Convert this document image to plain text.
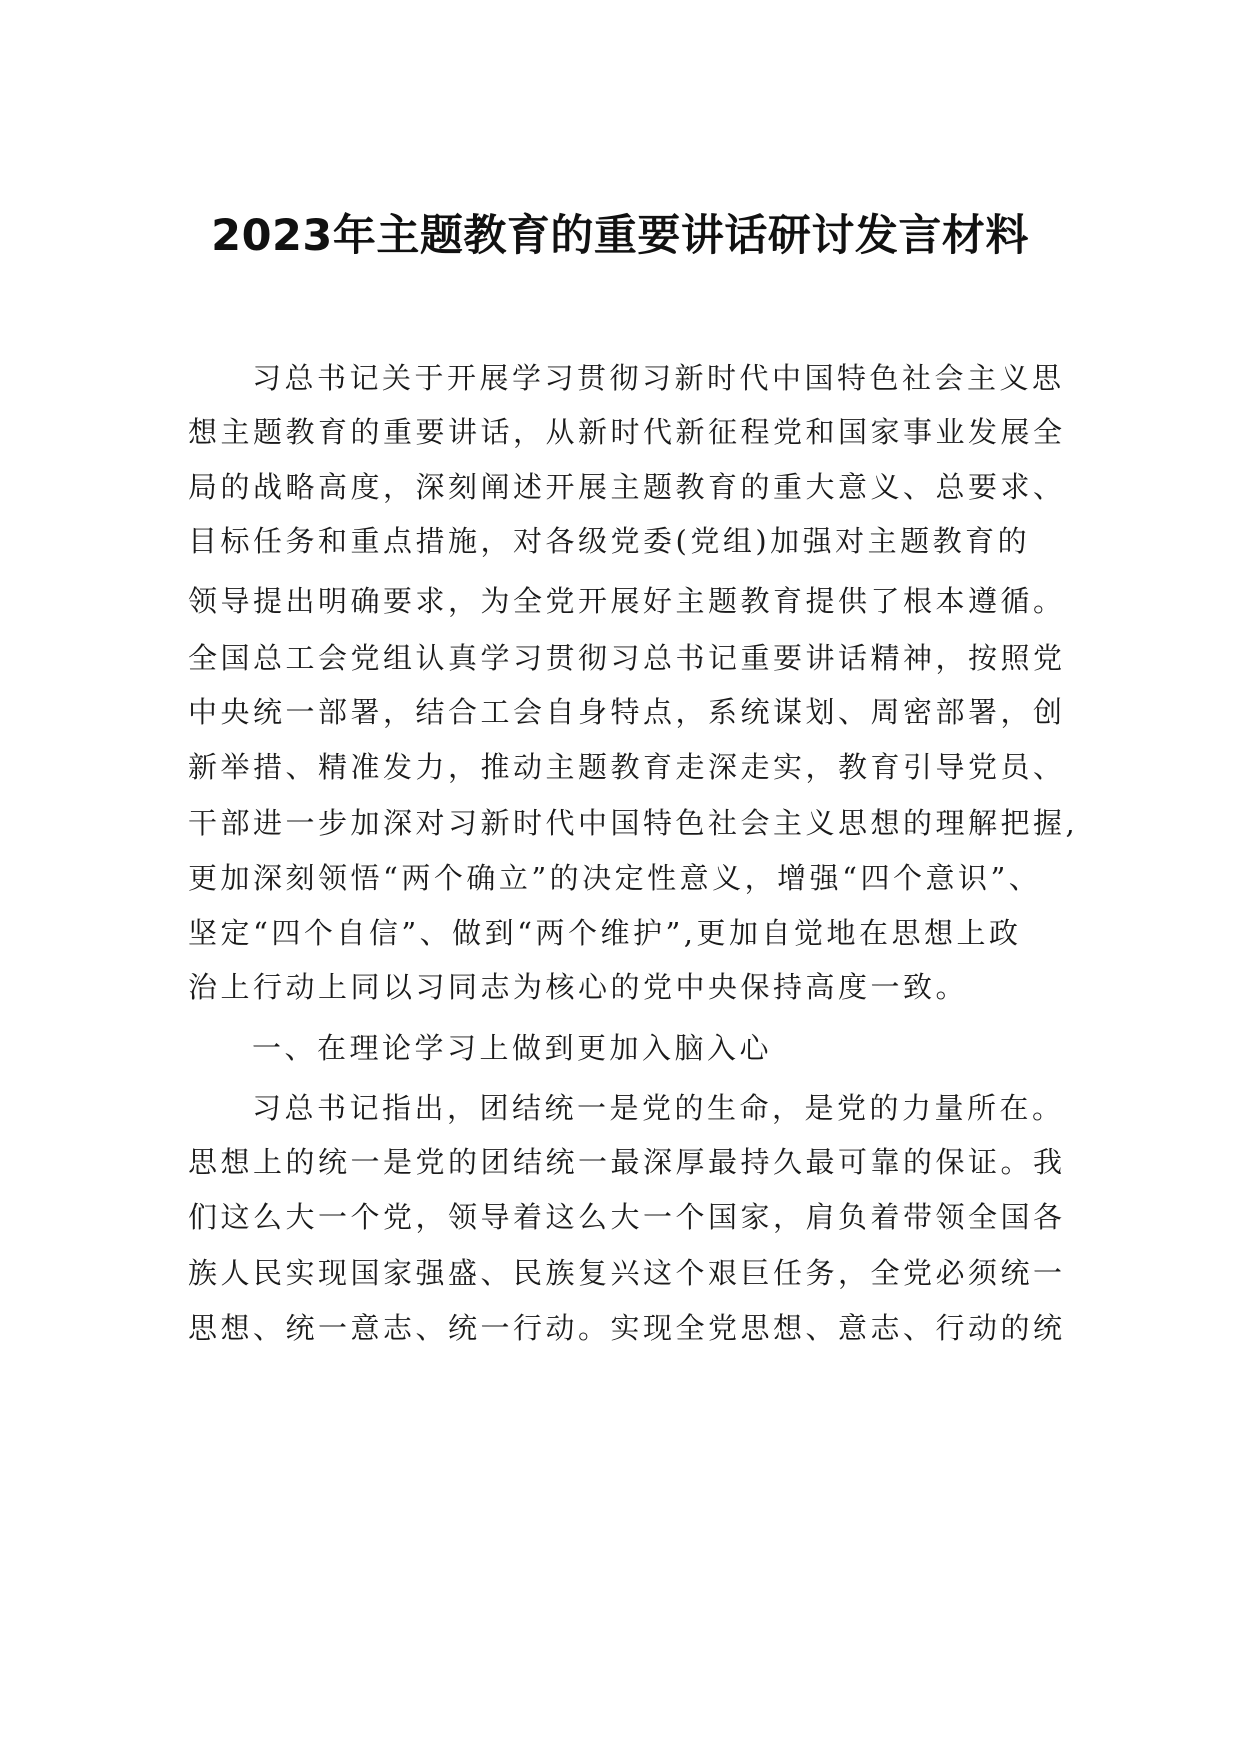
2023年主题教育的重要讲话研讨发言材料
习总书记关于开展学习贯彻习新时代中国特色社会主义思
想主题教育的重要讲话，从新时代新征程党和国家事业发展全
局的战略高度，深刻阐述开展主题教育的重大意义、总要求、
目标任务和重点措施，对各级党委(党组)加强对主题教育的
领导提出明确要求，为全党开展好主题教育提供了根本遵循。
全国总工会党组认真学习贯彻习总书记重要讲话精神，按照党
中央统一部署，结合工会自身特点，系统谋划、周密部署，创
新举措、精准发力，推动主题教育走深走实，教育引导党员、
干部进一步加深对习新时代中国特色社会主义思想的理解把握,
更加深刻领悟“两个确立”的决定性意义，增强“四个意识”、
坚定“四个自信”、做到“两个维护”,更加自觉地在思想上政
治上行动上同以习同志为核心的党中央保持高度一致。
一、在理论学习上做到更加入脑入心
习总书记指出，团结统一是党的生命，是党的力量所在。
思想上的统一是党的团结统一最深厚最持久最可靠的保证。我
们这么大一个党，领导着这么大一个国家，肩负着带领全国各
族人民实现国家强盛、民族复兴这个艰巨任务，全党必须统一
思想、统一意志、统一行动。实现全党思想、意志、行动的统
